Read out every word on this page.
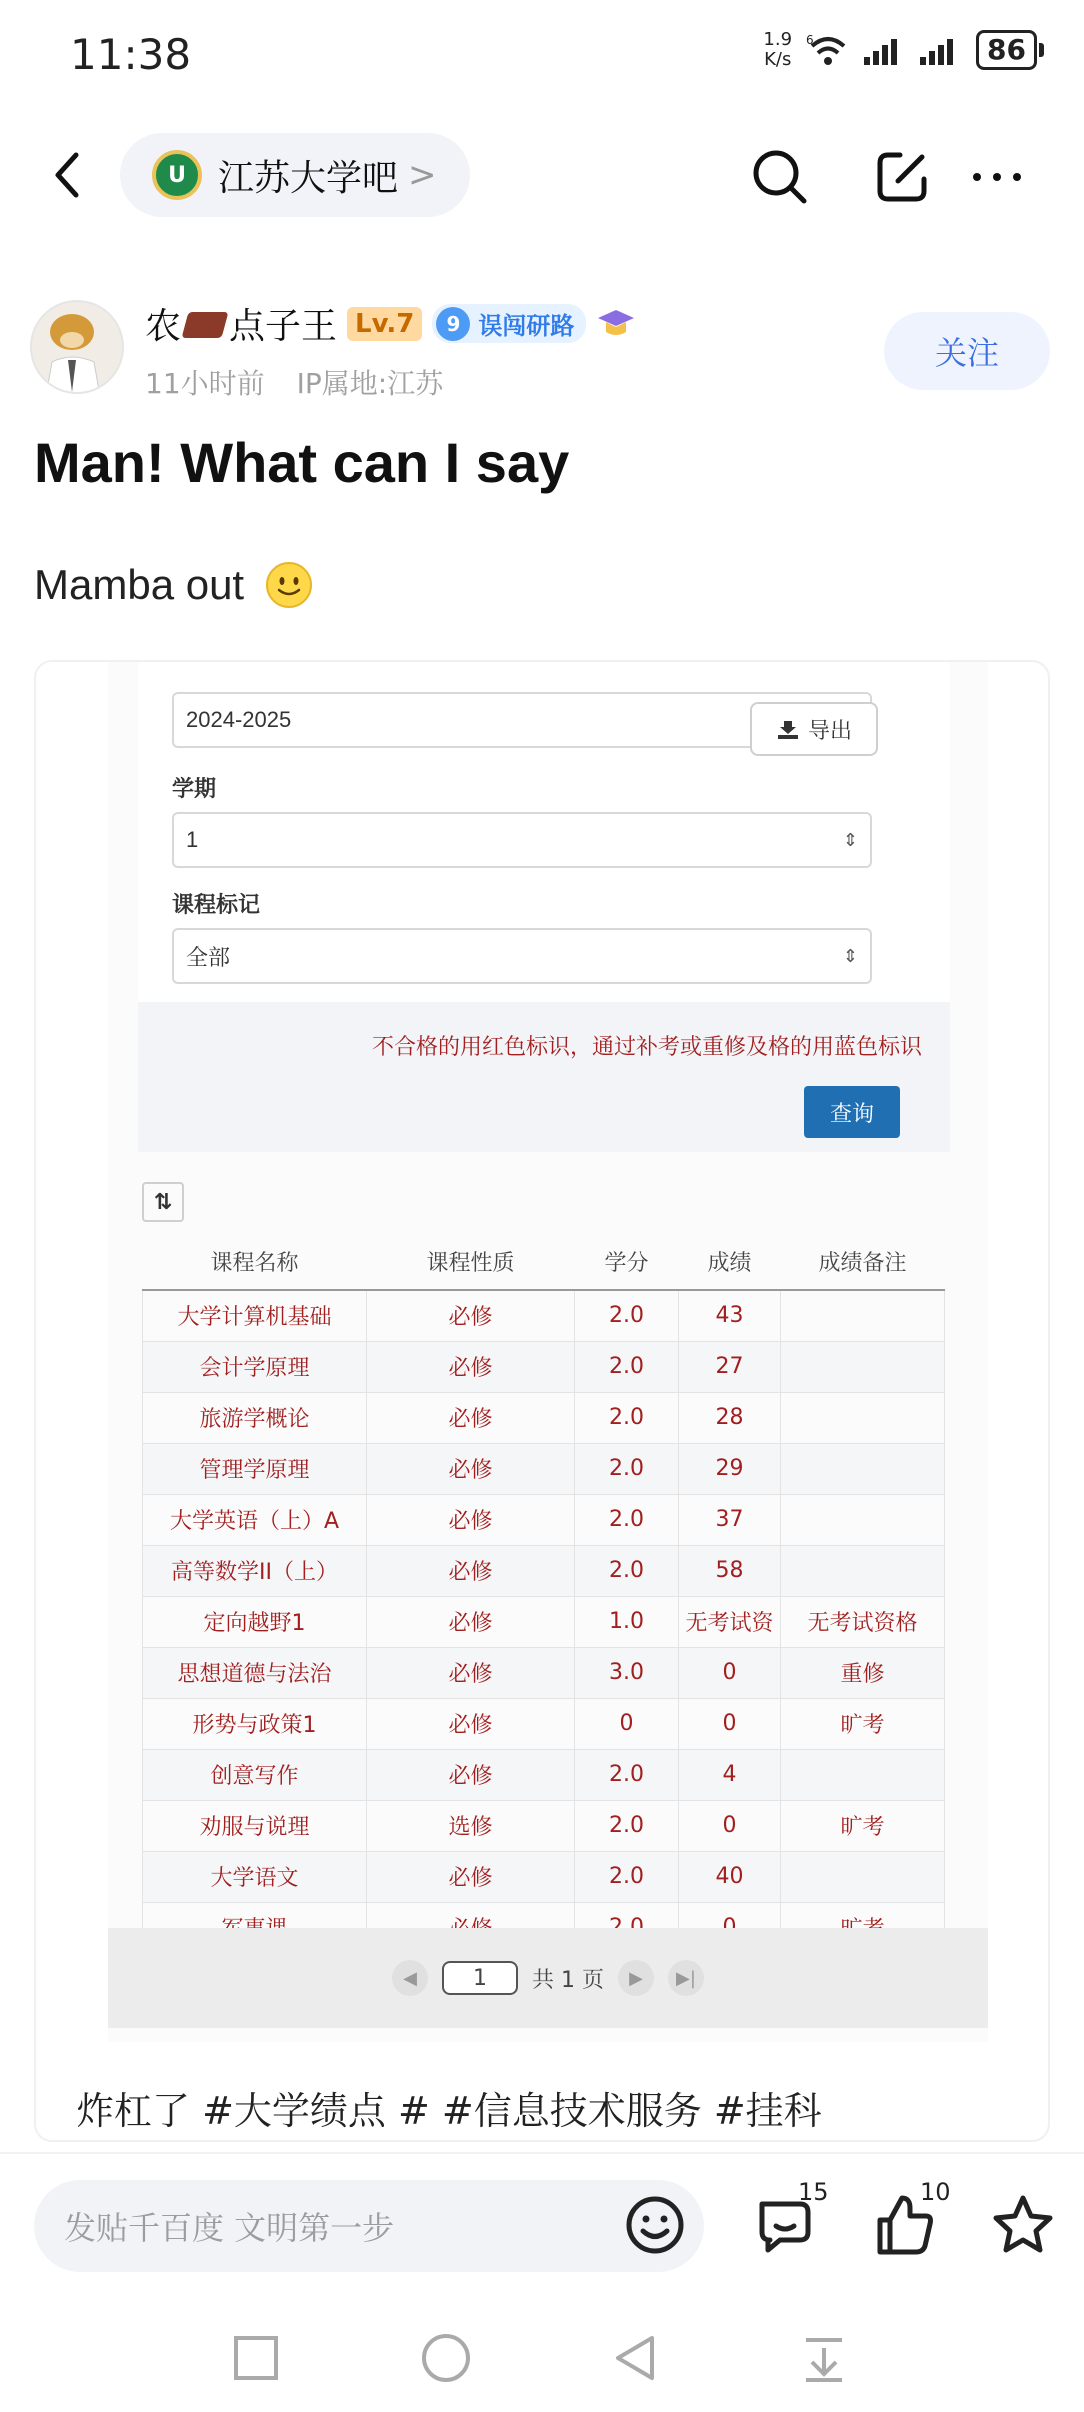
11:38	1.9
K/s
6	86
U 江苏大学吧 >
农 点子王 Lv.7	9 误闯研路
11小时前 IP属地:江苏
关注
Man! What can I say
Mamba out
2024-2025	导出
学期
1	⇕
课程标记
全部	⇕
不合格的用红色标识，通过补考或重修及格的用蓝色标识
查询
⇅
课程名称	课程性质	学分	成绩	成绩备注
大学计算机基础	必修	2.0	43	
会计学原理	必修	2.0	27	
旅游学概论	必修	2.0	28	
管理学原理	必修	2.0	29	
大学英语（上）A	必修	2.0	37	
高等数学II（上）	必修	2.0	58	
定向越野1	必修	1.0	无考试资	无考试资格
思想道德与法治	必修	3.0	0	重修
形势与政策1	必修	0	0	旷考
创意写作	必修	2.0	4	
劝服与说理	选修	2.0	0	旷考
大学语文	必修	2.0	40	

◀	1	共 1 页	▶	▶|
炸杠了 #大学绩点 # #信息技术服务 #挂科
发贴千百度 文明第一步
15	10
